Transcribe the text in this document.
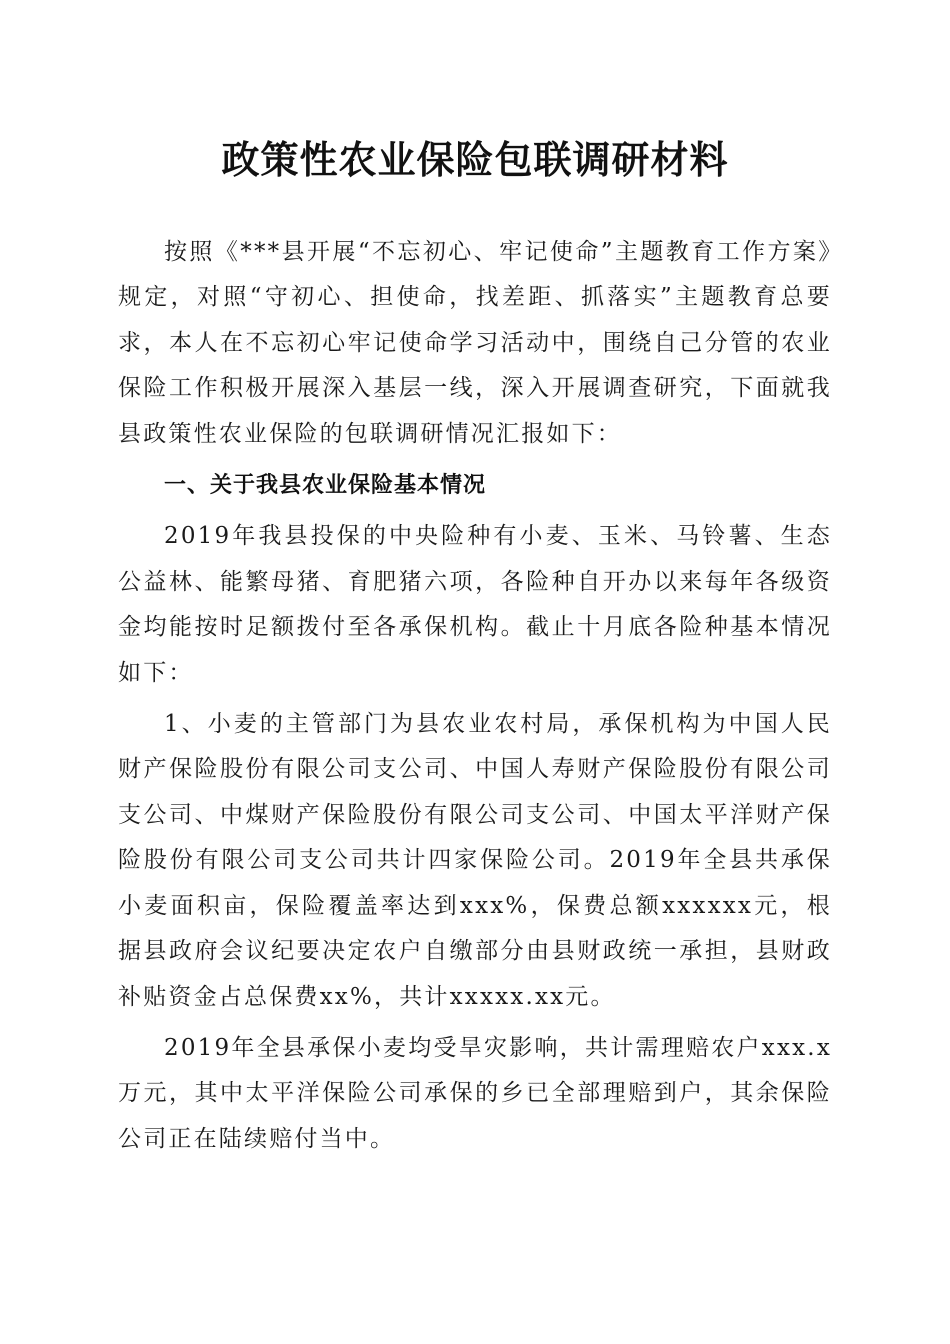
政策性农业保险包联调研材料

按照《***县开展“不忘初心、牢记使命”主题教育工作方案》规定，对照“守初心、担使命，找差距、抓落实”主题教育总要求，本人在不忘初心牢记使命学习活动中，围绕自己分管的农业保险工作积极开展深入基层一线，深入开展调查研究，下面就我县政策性农业保险的包联调研情况汇报如下：

一、关于我县农业保险基本情况

2019年我县投保的中央险种有小麦、玉米、马铃薯、生态公益林、能繁母猪、育肥猪六项，各险种自开办以来每年各级资金均能按时足额拨付至各承保机构。截止十月底各险种基本情况如下：

1、小麦的主管部门为县农业农村局，承保机构为中国人民财产保险股份有限公司支公司、中国人寿财产保险股份有限公司支公司、中煤财产保险股份有限公司支公司、中国太平洋财产保险股份有限公司支公司共计四家保险公司。2019年全县共承保小麦面积亩，保险覆盖率达到xxx%，保费总额xxxxxx元，根据县政府会议纪要决定农户自缴部分由县财政统一承担，县财政补贴资金占总保费xx%，共计xxxxx.xx元。

2019年全县承保小麦均受旱灾影响，共计需理赔农户xxx.x万元，其中太平洋保险公司承保的乡已全部理赔到户，其余保险公司正在陆续赔付当中。
